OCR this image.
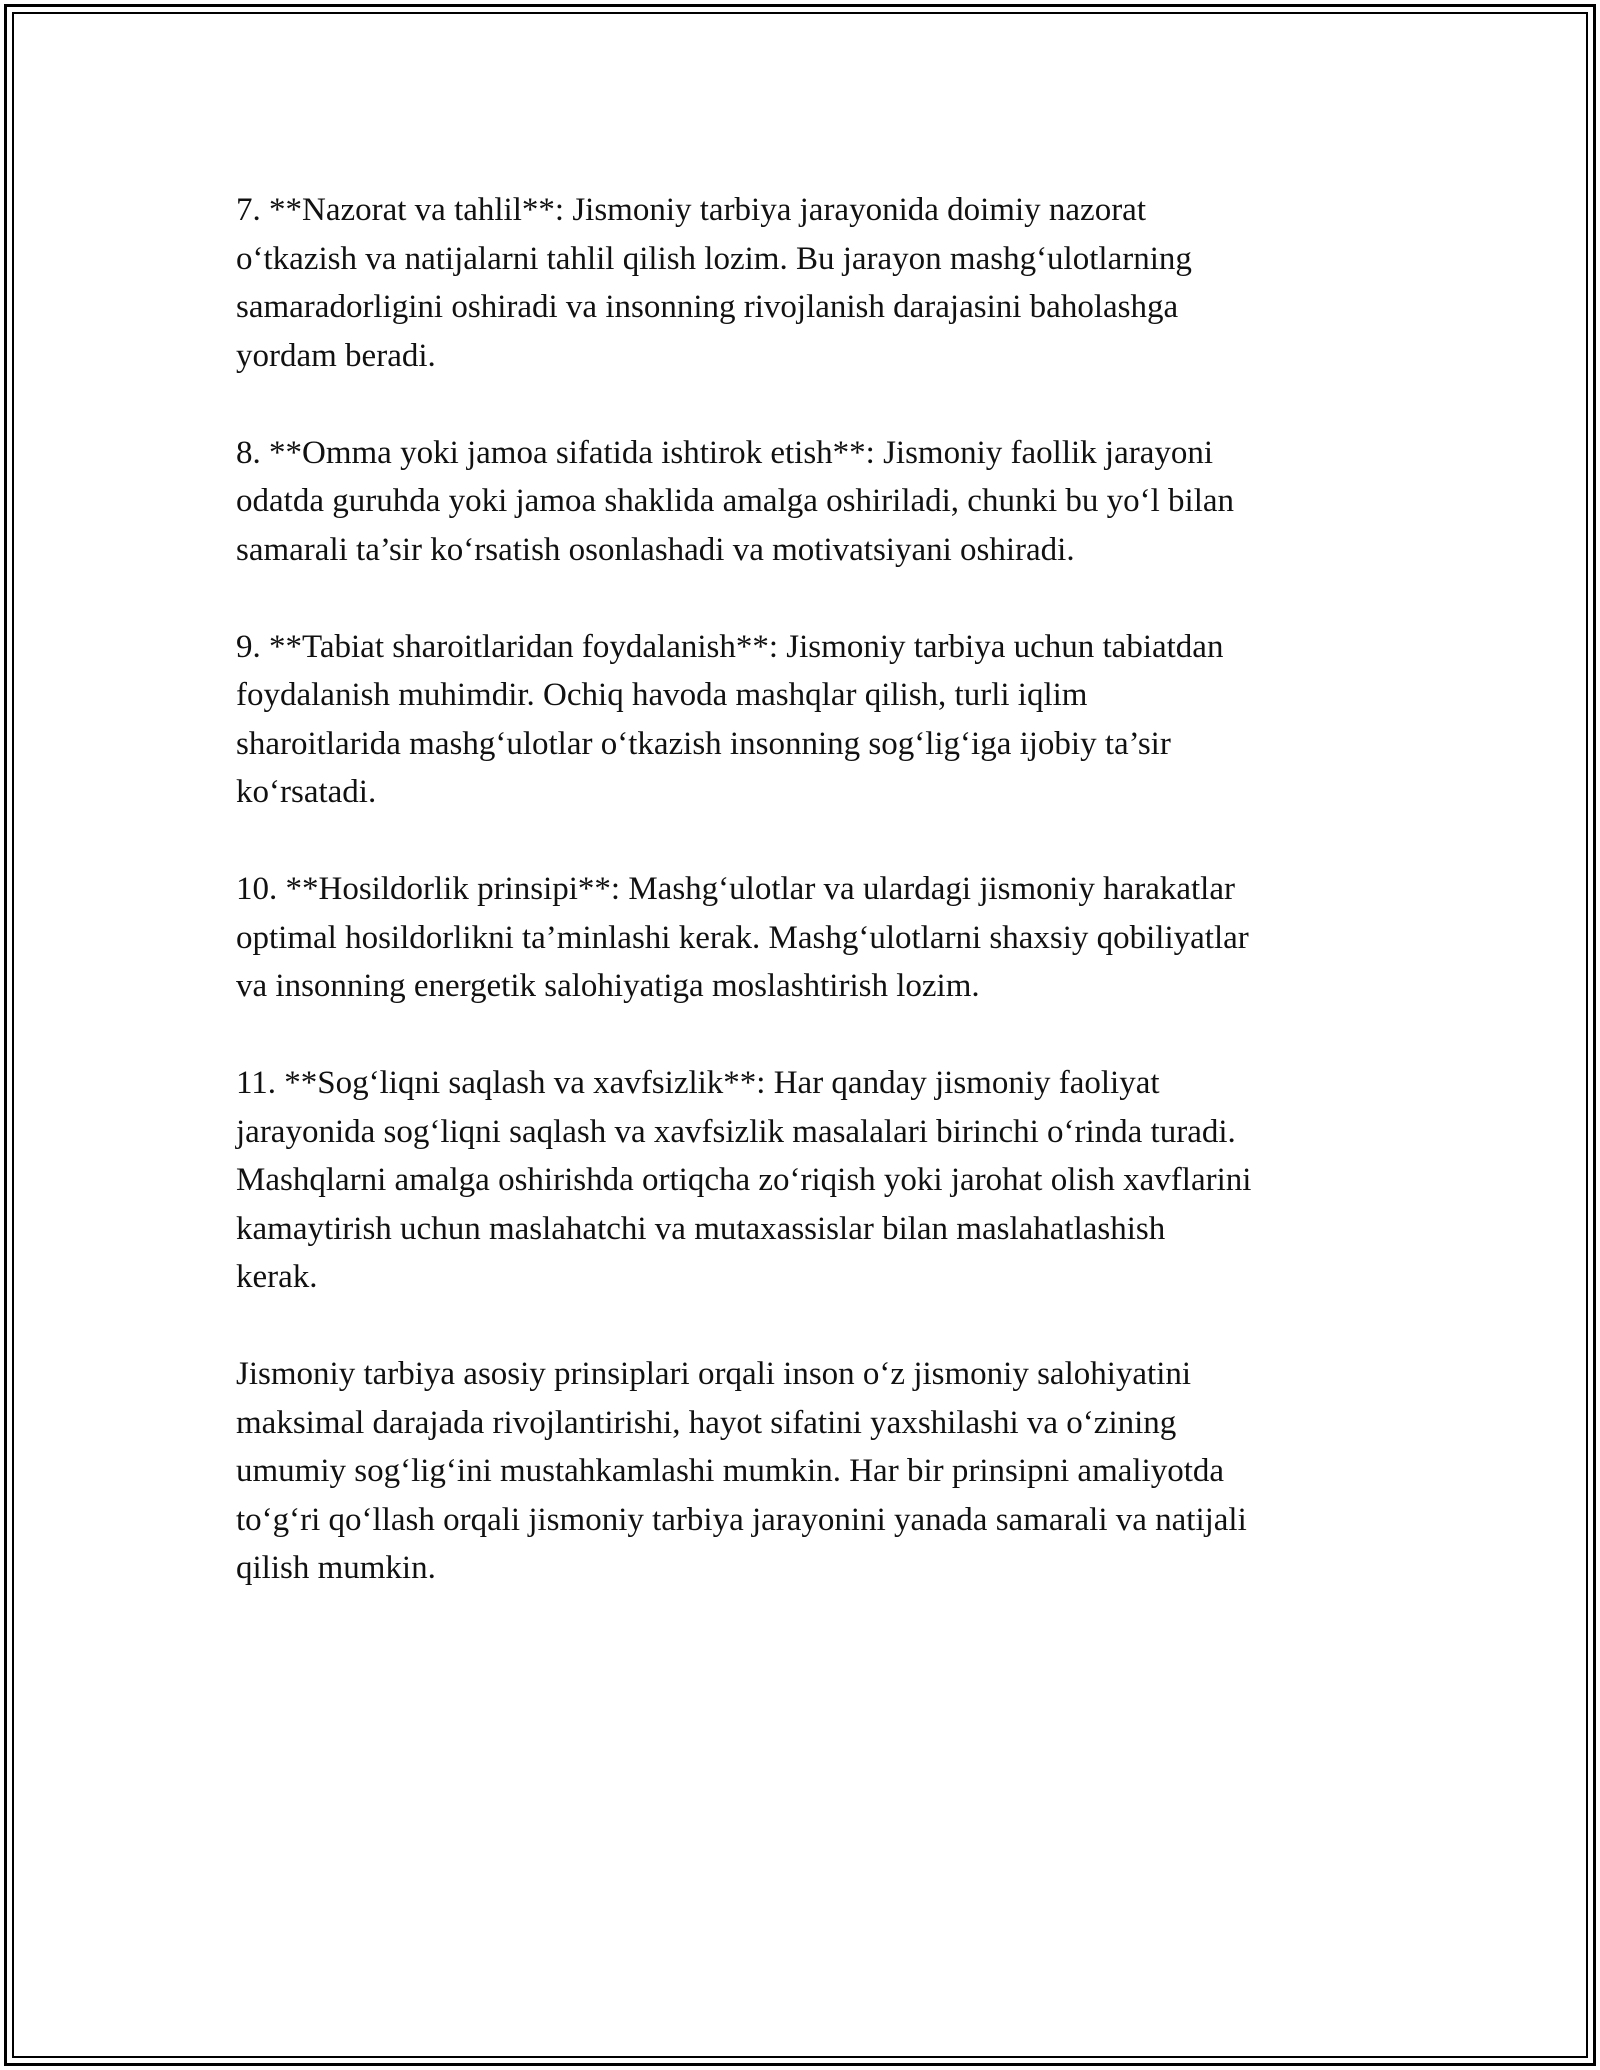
7. **Nazorat va tahlil**: Jismoniy tarbiya jarayonida doimiy nazorat
o‘tkazish va natijalarni tahlil qilish lozim. Bu jarayon mashg‘ulotlarning
samaradorligini oshiradi va insonning rivojlanish darajasini baholashga
yordam beradi.

8. **Omma yoki jamoa sifatida ishtirok etish**: Jismoniy faollik jarayoni
odatda guruhda yoki jamoa shaklida amalga oshiriladi, chunki bu yo‘l bilan
samarali ta’sir ko‘rsatish osonlashadi va motivatsiyani oshiradi.

9. **Tabiat sharoitlaridan foydalanish**: Jismoniy tarbiya uchun tabiatdan
foydalanish muhimdir. Ochiq havoda mashqlar qilish, turli iqlim
sharoitlarida mashg‘ulotlar o‘tkazish insonning sog‘lig‘iga ijobiy ta’sir
ko‘rsatadi.

10. **Hosildorlik prinsipi**: Mashg‘ulotlar va ulardagi jismoniy harakatlar
optimal hosildorlikni ta’minlashi kerak. Mashg‘ulotlarni shaxsiy qobiliyatlar
va insonning energetik salohiyatiga moslashtirish lozim.

11. **Sog‘liqni saqlash va xavfsizlik**: Har qanday jismoniy faoliyat
jarayonida sog‘liqni saqlash va xavfsizlik masalalari birinchi o‘rinda turadi.
Mashqlarni amalga oshirishda ortiqcha zo‘riqish yoki jarohat olish xavflarini
kamaytirish uchun maslahatchi va mutaxassislar bilan maslahatlashish
kerak.

Jismoniy tarbiya asosiy prinsiplari orqali inson o‘z jismoniy salohiyatini
maksimal darajada rivojlantirishi, hayot sifatini yaxshilashi va o‘zining
umumiy sog‘lig‘ini mustahkamlashi mumkin. Har bir prinsipni amaliyotda
to‘g‘ri qo‘llash orqali jismoniy tarbiya jarayonini yanada samarali va natijali
qilish mumkin.
